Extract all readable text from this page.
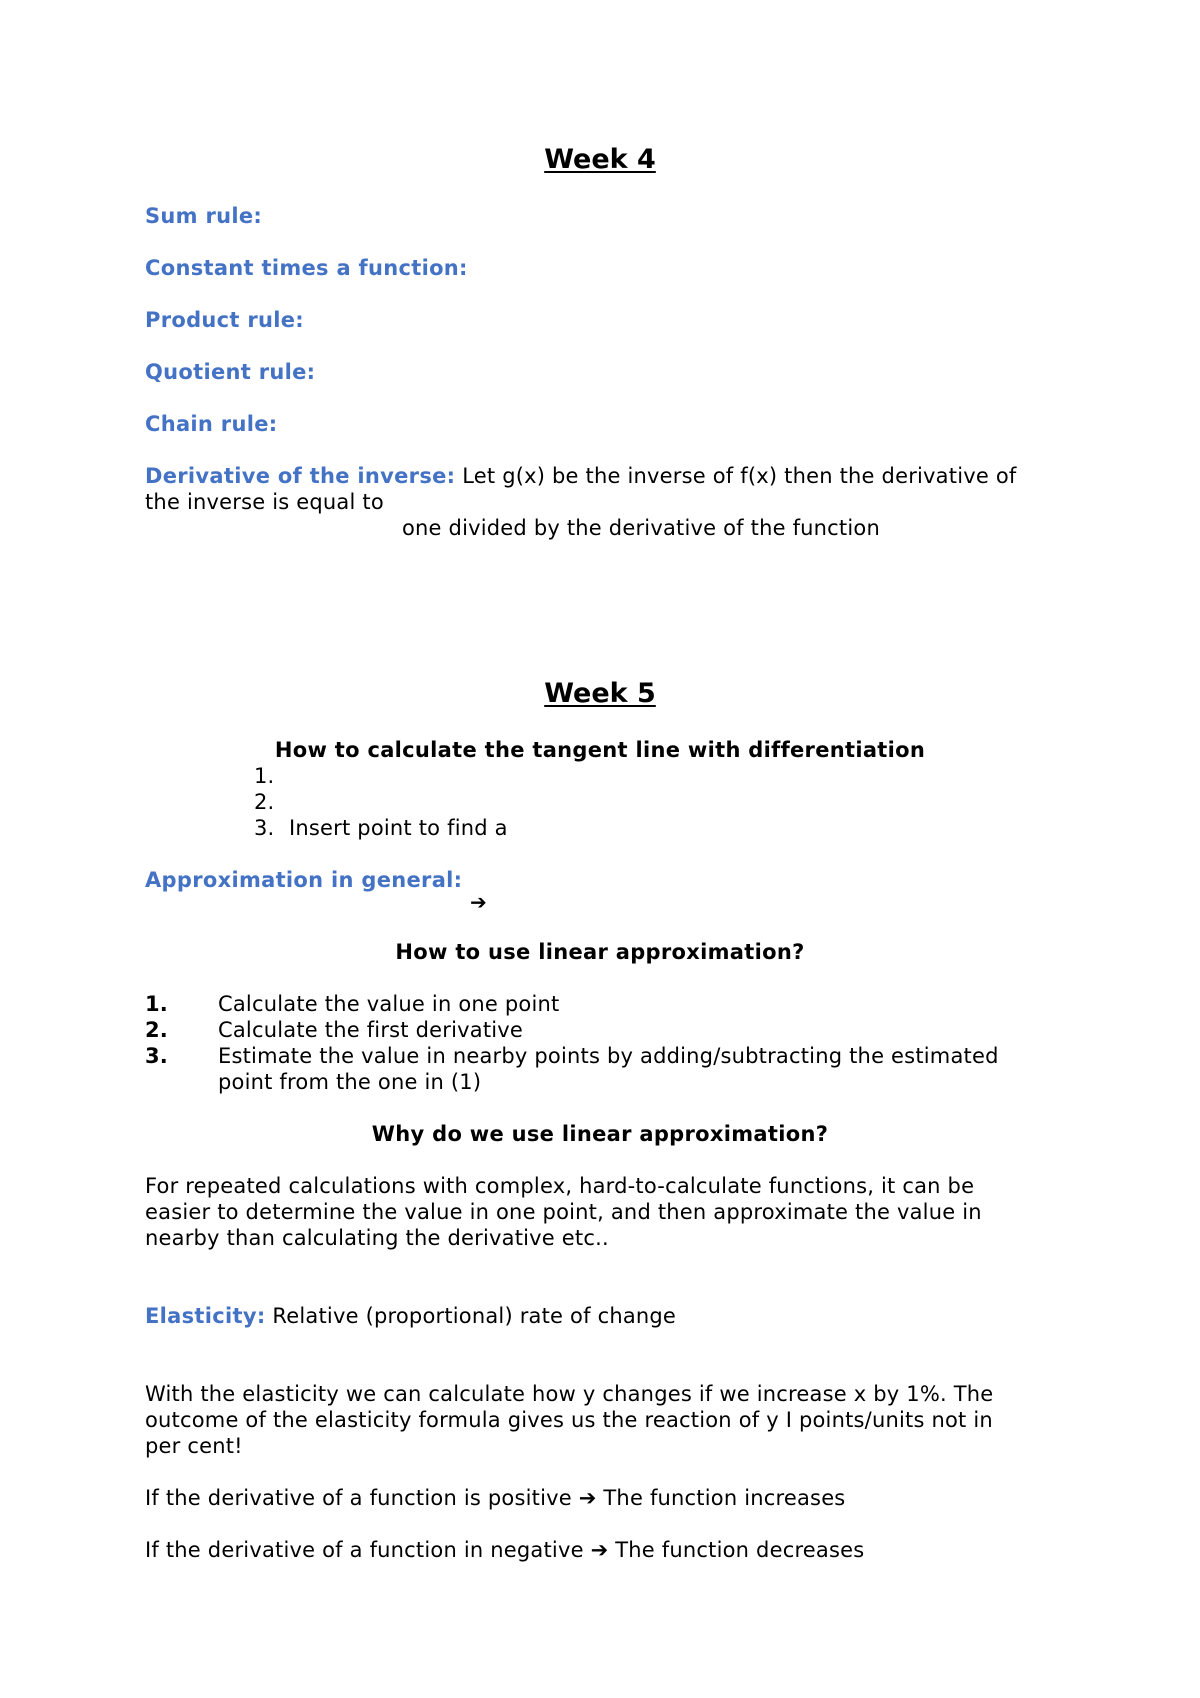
Week 4
Sum rule:
Constant times a function:
Product rule:
Quotient rule:
Chain rule:
Derivative of the inverse: Let g(x) be the inverse of f(x) then the derivative of
the inverse is equal to
one divided by the derivative of the function
Week 5
How to calculate the tangent line with differentiation
1.
2.
3. Insert point to find a
Approximation in general:
➔
How to use linear approximation?
1. Calculate the value in one point
2. Calculate the first derivative
3. Estimate the value in nearby points by adding/subtracting the estimated
point from the one in (1)
Why do we use linear approximation?
For repeated calculations with complex, hard-to-calculate functions, it can be
easier to determine the value in one point, and then approximate the value in
nearby than calculating the derivative etc..
Elasticity: Relative (proportional) rate of change
With the elasticity we can calculate how y changes if we increase x by 1%. The
outcome of the elasticity formula gives us the reaction of y I points/units not in
per cent!
If the derivative of a function is positive ➔ The function increases
If the derivative of a function in negative ➔ The function decreases
